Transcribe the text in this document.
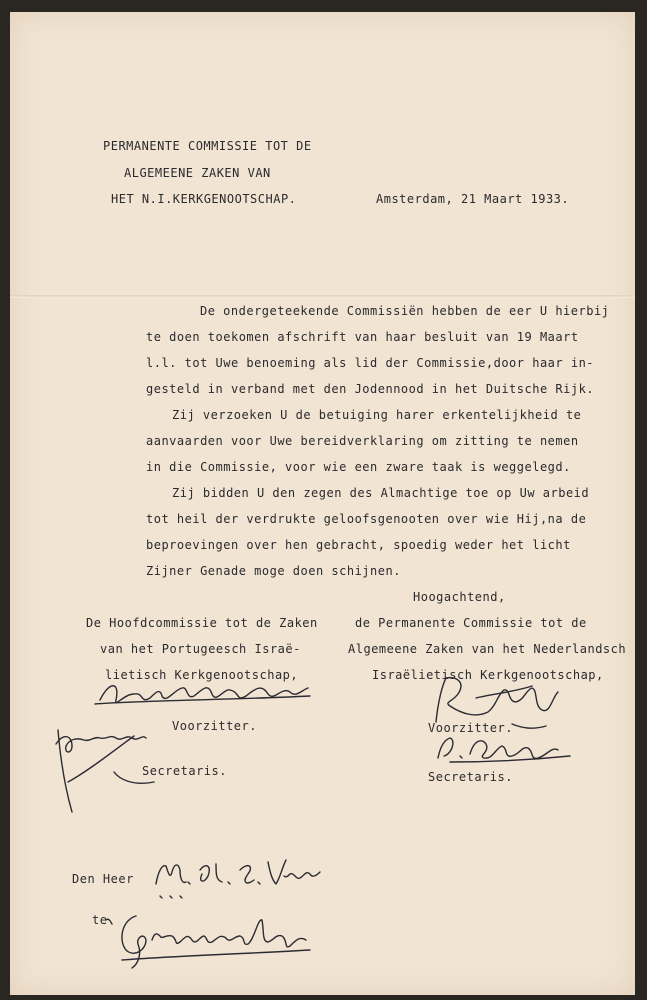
PERMANENTE COMMISSIE TOT DE
ALGEMEENE ZAKEN VAN
HET N.I.KERKGENOOTSCHAP.	Amsterdam, 21 Maart 1933.
De ondergeteekende Commissiën hebben de eer U hierbij
te doen toekomen afschrift van haar besluit van 19 Maart
l.l. tot Uwe benoeming als lid der Commissie,door haar in-
gesteld in verband met den Jodennood in het Duitsche Rijk.
Zij verzoeken U de betuiging harer erkentelijkheid te
aanvaarden voor Uwe bereidverklaring om zitting te nemen
in die Commissie, voor wie een zware taak is weggelegd.
Zij bidden U den zegen des Almachtige toe op Uw arbeid
tot heil der verdrukte geloofsgenooten over wie Hij,na de
beproevingen over hen gebracht, spoedig weder het licht
Zijner Genade moge doen schijnen.
Hoogachtend,
De Hoofdcommissie tot de Zaken
van het Portugeesch Israë-
lietisch Kerkgenootschap,
Voorzitter.
Secretaris.
de Permanente Commissie tot de
Algemeene Zaken van het Nederlandsch
Israëlietisch Kerkgenootschap,
Voorzitter.
Secretaris.
Den Heer
te
